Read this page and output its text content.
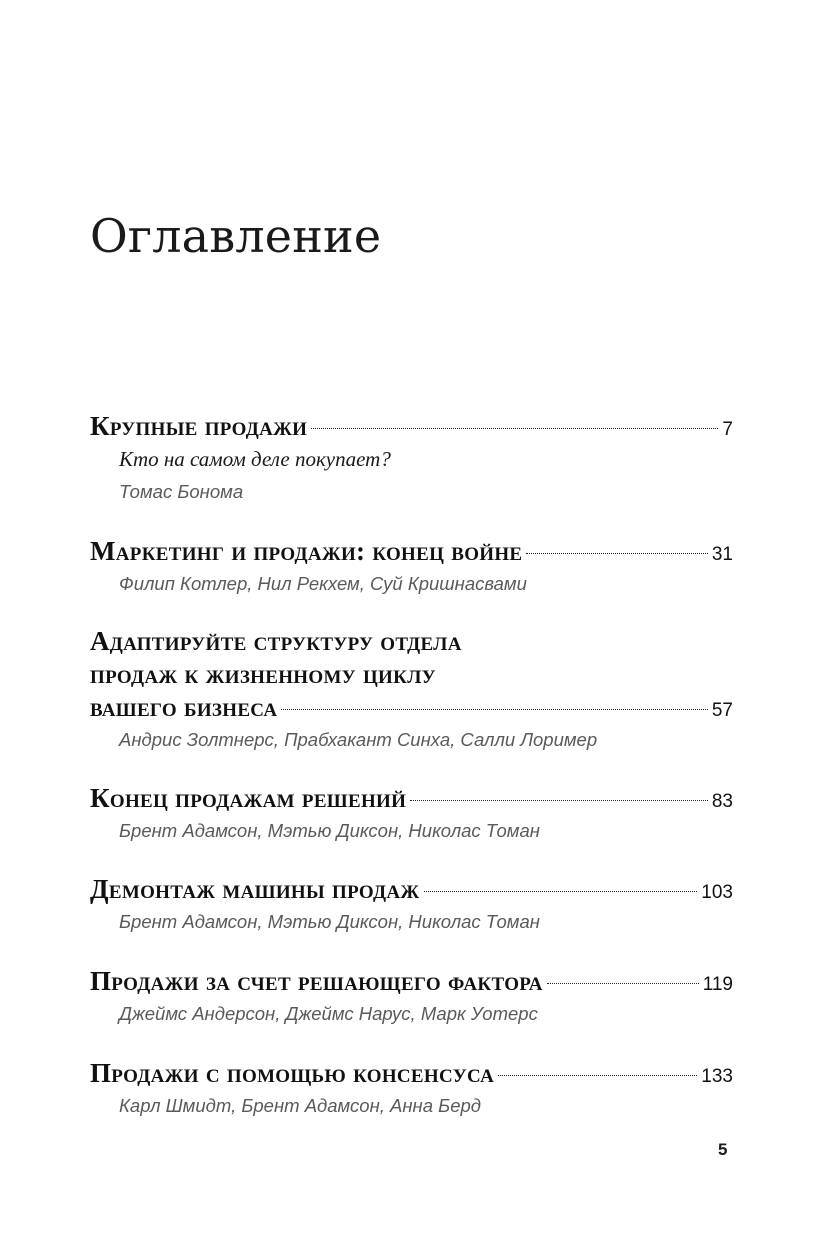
Оглавление
Крупные продажи	7
Кто на самом деле покупает?
Томас Бонома
Маркетинг и продажи: конец войне	31
Филип Котлер, Нил Рекхем, Суй Кришнасвами
Адаптируйте структуру отдела
продаж к жизненному циклу
вашего бизнеса	57
Андрис Золтнерс, Прабхакант Синха, Салли Лоример
Конец продажам решений	83
Брент Адамсон, Мэтью Диксон, Николас Томан
Демонтаж машины продаж	103
Брент Адамсон, Мэтью Диксон, Николас Томан
Продажи за счет решающего фактора	119
Джеймс Андерсон, Джеймс Нарус, Марк Уотерс
Продажи с помощью консенсуса	133
Карл Шмидт, Брент Адамсон, Анна Берд
5
